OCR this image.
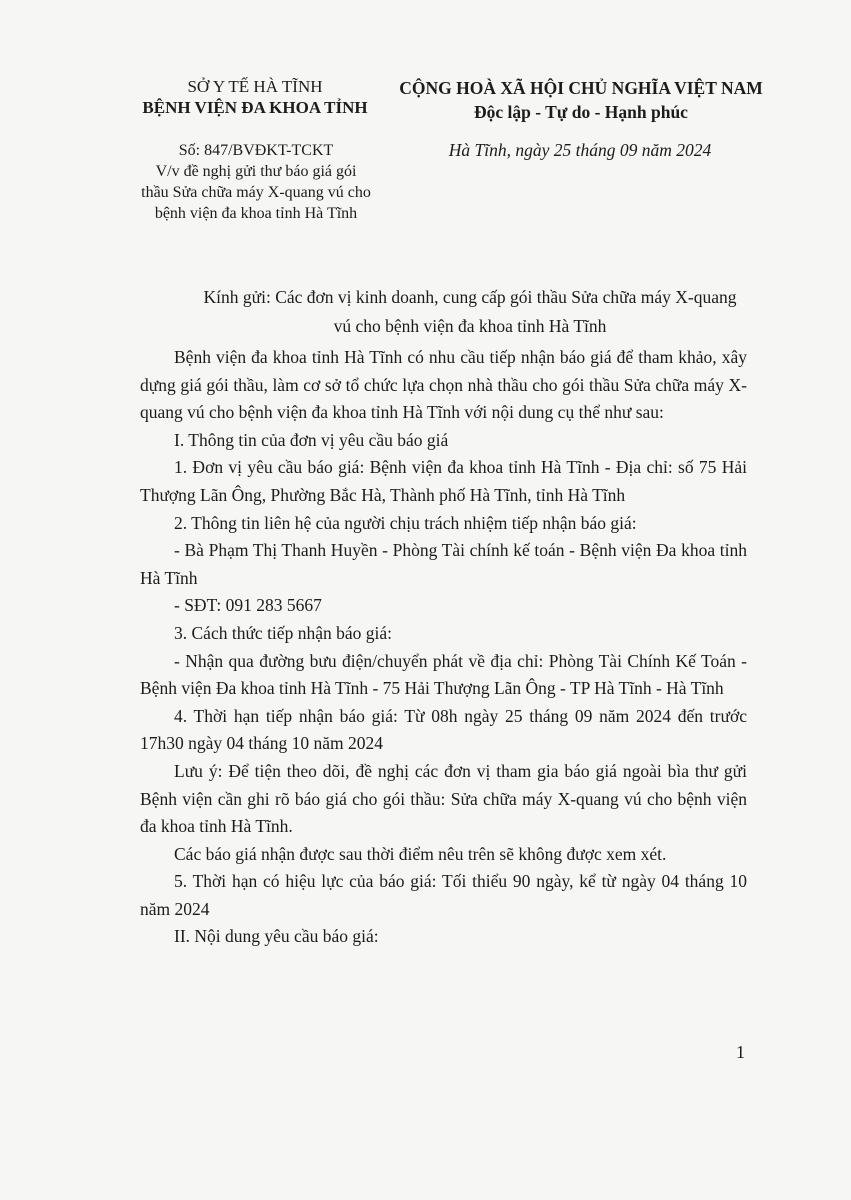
SỞ Y TẾ HÀ TĨNH
BỆNH VIỆN ĐA KHOA TỈNH
CỘNG HOÀ XÃ HỘI CHỦ NGHĨA VIỆT NAM
Độc lập - Tự do - Hạnh phúc
Số: 847/BVĐKT-TCKT
V/v đề nghị gửi thư báo giá gói thầu Sửa chữa máy X-quang vú cho bệnh viện đa khoa tỉnh Hà Tĩnh
Hà Tĩnh, ngày 25 tháng 09 năm 2024
Kính gửi: Các đơn vị kinh doanh, cung cấp gói thầu Sửa chữa máy X-quang vú cho bệnh viện đa khoa tỉnh Hà Tĩnh

Bệnh viện đa khoa tỉnh Hà Tĩnh có nhu cầu tiếp nhận báo giá để tham khảo, xây dựng giá gói thầu, làm cơ sở tổ chức lựa chọn nhà thầu cho gói thầu Sửa chữa máy X-quang vú cho bệnh viện đa khoa tỉnh Hà Tĩnh với nội dung cụ thể như sau:

I. Thông tin của đơn vị yêu cầu báo giá

1. Đơn vị yêu cầu báo giá: Bệnh viện đa khoa tỉnh Hà Tĩnh - Địa chỉ: số 75 Hải Thượng Lãn Ông, Phường Bắc Hà, Thành phố Hà Tĩnh, tỉnh Hà Tĩnh

2. Thông tin liên hệ của người chịu trách nhiệm tiếp nhận báo giá:

- Bà Phạm Thị Thanh Huyền - Phòng Tài chính kế toán - Bệnh viện Đa khoa tỉnh Hà Tĩnh

- SĐT: 091 283 5667

3. Cách thức tiếp nhận báo giá:

- Nhận qua đường bưu điện/chuyển phát về địa chỉ: Phòng Tài Chính Kế Toán - Bệnh viện Đa khoa tỉnh Hà Tĩnh - 75 Hải Thượng Lãn Ông - TP Hà Tĩnh - Hà Tĩnh

4. Thời hạn tiếp nhận báo giá: Từ 08h ngày 25 tháng 09 năm 2024 đến trước 17h30 ngày 04 tháng 10 năm 2024

Lưu ý: Để tiện theo dõi, đề nghị các đơn vị tham gia báo giá ngoài bìa thư gửi Bệnh viện cần ghi rõ báo giá cho gói thầu: Sửa chữa máy X-quang vú cho bệnh viện đa khoa tỉnh Hà Tĩnh.

Các báo giá nhận được sau thời điểm nêu trên sẽ không được xem xét.

5. Thời hạn có hiệu lực của báo giá: Tối thiểu 90 ngày, kể từ ngày 04 tháng 10 năm 2024

II. Nội dung yêu cầu báo giá:

1
